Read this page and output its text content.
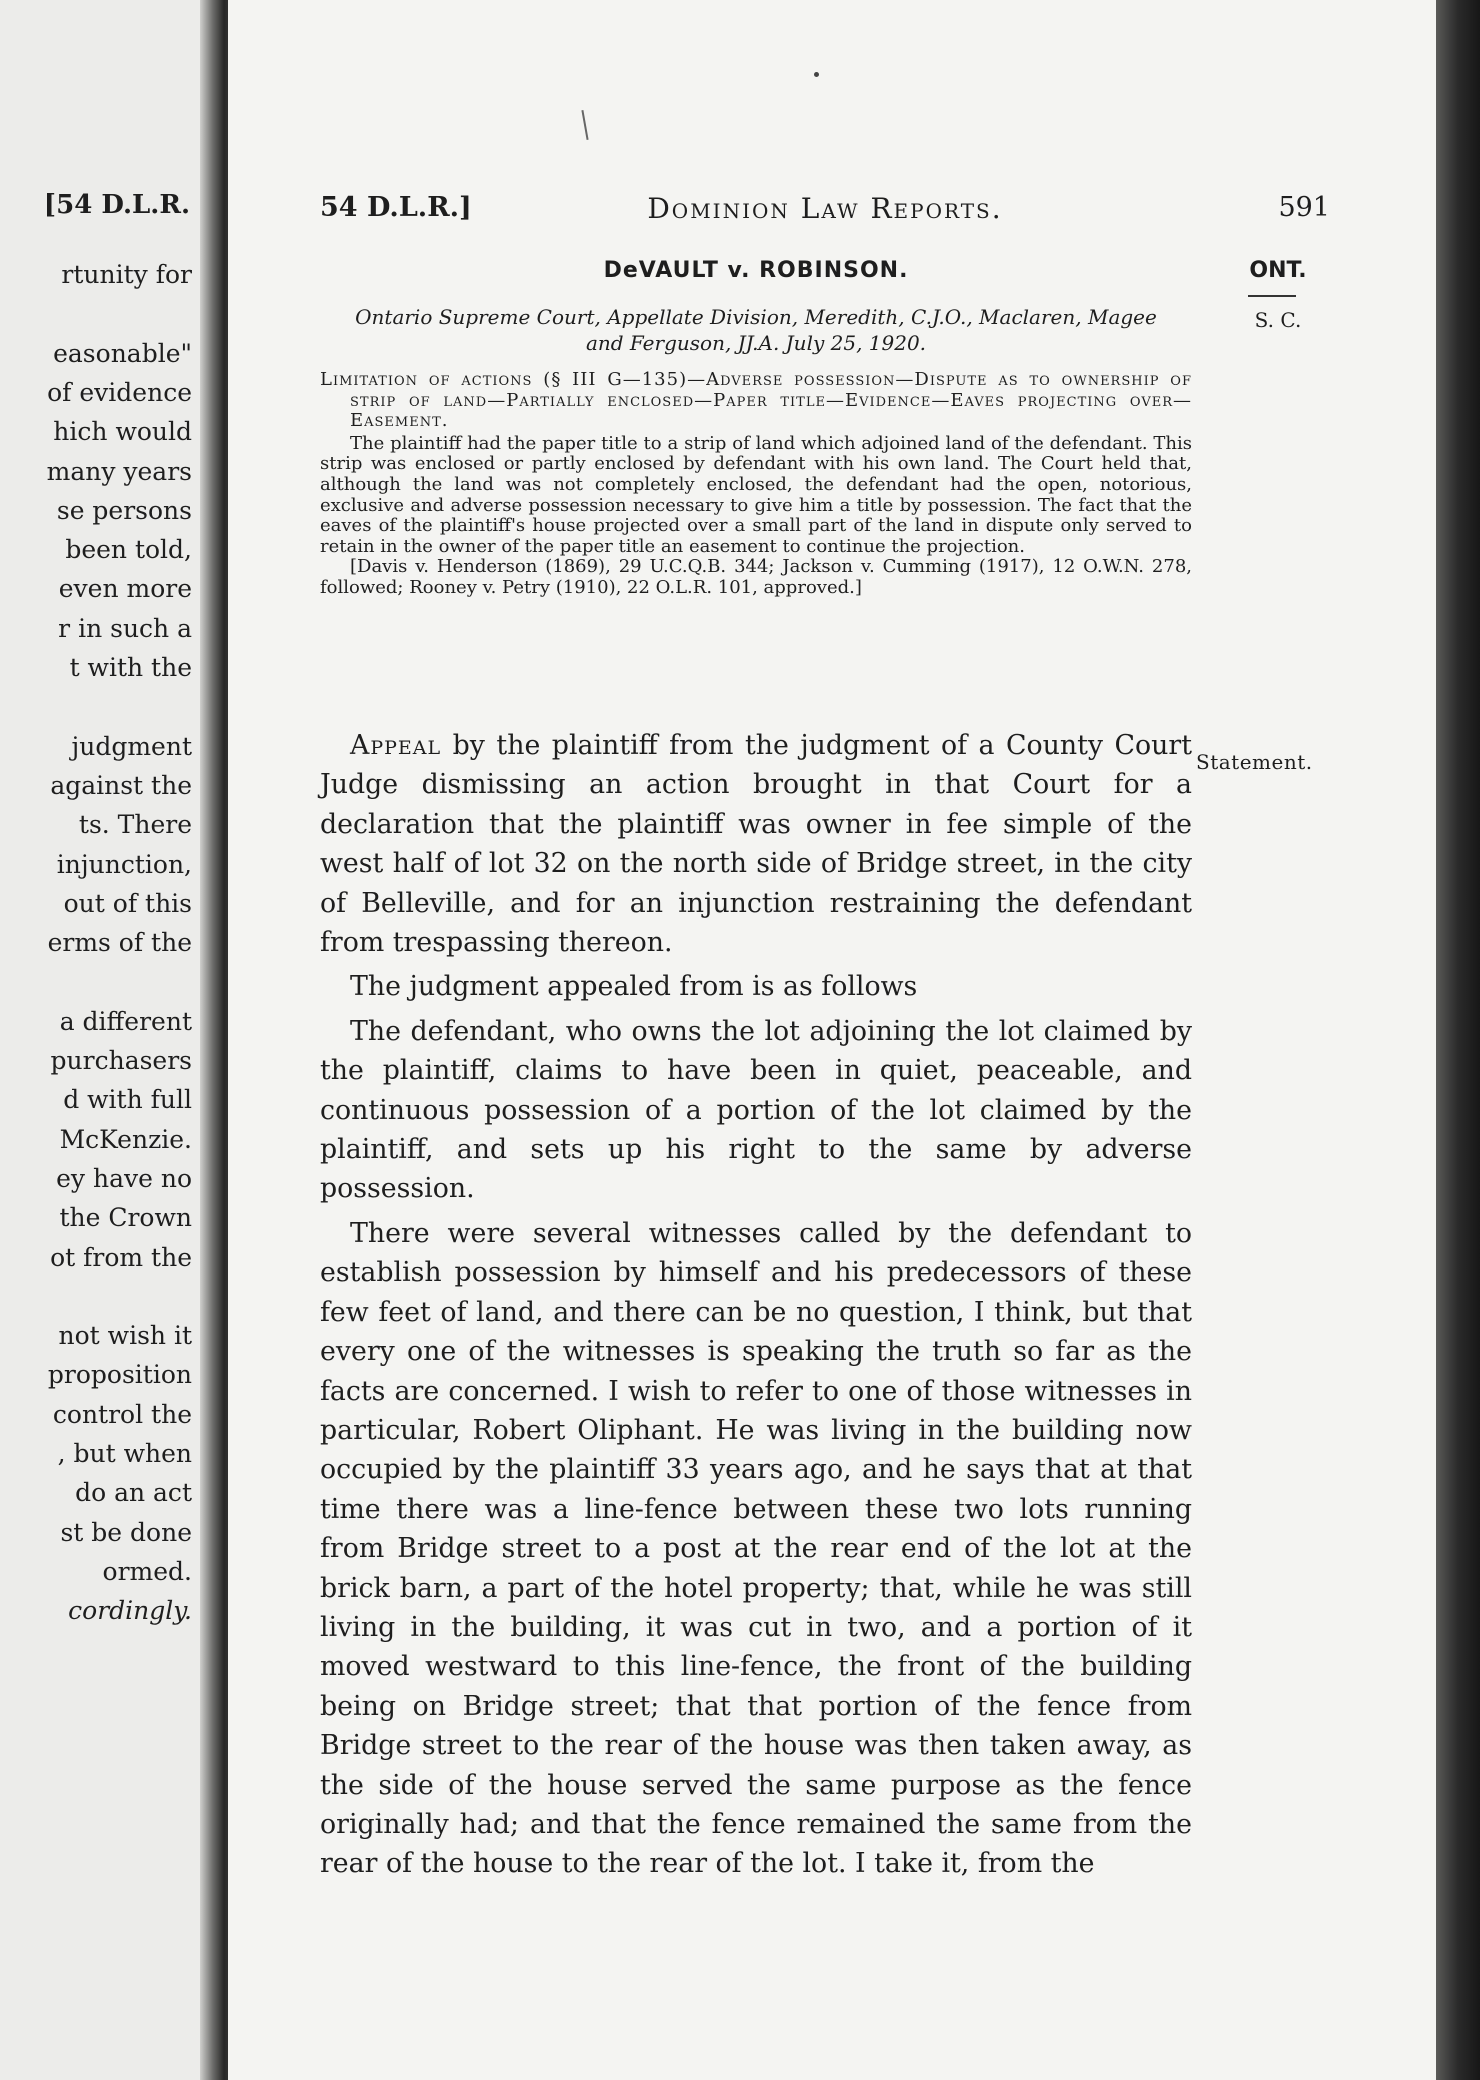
[54 D.L.R.
rtunity for
easonable"
of evidence
hich would
many years
se persons
been told,
even more
r in such a
t with the
judgment
against the
ts. There
injunction,
out of this
erms of the
a different
purchasers
d with full
McKenzie.
ey have no
the Crown
ot from the
not wish it
proposition
control the
, but when
do an act
st be done
ormed.
cordingly.
54 D.L.R.]	Dominion Law Reports.	591
DeVAULT v. ROBINSON.
Ontario Supreme Court, Appellate Division, Meredith, C.J.O., Maclaren, Magee
and Ferguson, JJ.A. July 25, 1920.
ONT.
S. C.
Limitation of actions (§ III G—135)—Adverse possession—Dispute as to ownership of strip of land—Partially enclosed—Paper title—Evidence—Eaves projecting over—Easement.

The plaintiff had the paper title to a strip of land which adjoined land of the defendant. This strip was enclosed or partly enclosed by defendant with his own land. The Court held that, although the land was not completely enclosed, the defendant had the open, notorious, exclusive and adverse possession necessary to give him a title by possession. The fact that the eaves of the plaintiff's house projected over a small part of the land in dispute only served to retain in the owner of the paper title an easement to continue the projection.

[Davis v. Henderson (1869), 29 U.C.Q.B. 344; Jackson v. Cumming (1917), 12 O.W.N. 278, followed; Rooney v. Petry (1910), 22 O.L.R. 101, approved.]

Statement.

Appeal by the plaintiff from the judgment of a County Court Judge dismissing an action brought in that Court for a declaration that the plaintiff was owner in fee simple of the west half of lot 32 on the north side of Bridge street, in the city of Belleville, and for an injunction restraining the defendant from trespassing thereon.

The judgment appealed from is as follows

The defendant, who owns the lot adjoining the lot claimed by the plaintiff, claims to have been in quiet, peaceable, and continuous possession of a portion of the lot claimed by the plaintiff, and sets up his right to the same by adverse possession.

There were several witnesses called by the defendant to establish possession by himself and his predecessors of these few feet of land, and there can be no question, I think, but that every one of the witnesses is speaking the truth so far as the facts are concerned. I wish to refer to one of those witnesses in particular, Robert Oliphant. He was living in the building now occupied by the plaintiff 33 years ago, and he says that at that time there was a line-fence between these two lots running from Bridge street to a post at the rear end of the lot at the brick barn, a part of the hotel property; that, while he was still living in the building, it was cut in two, and a portion of it moved westward to this line-fence, the front of the building being on Bridge street; that that portion of the fence from Bridge street to the rear of the house was then taken away, as the side of the house served the same purpose as the fence originally had; and that the fence remained the same from the rear of the house to the rear of the lot. I take it, from the
